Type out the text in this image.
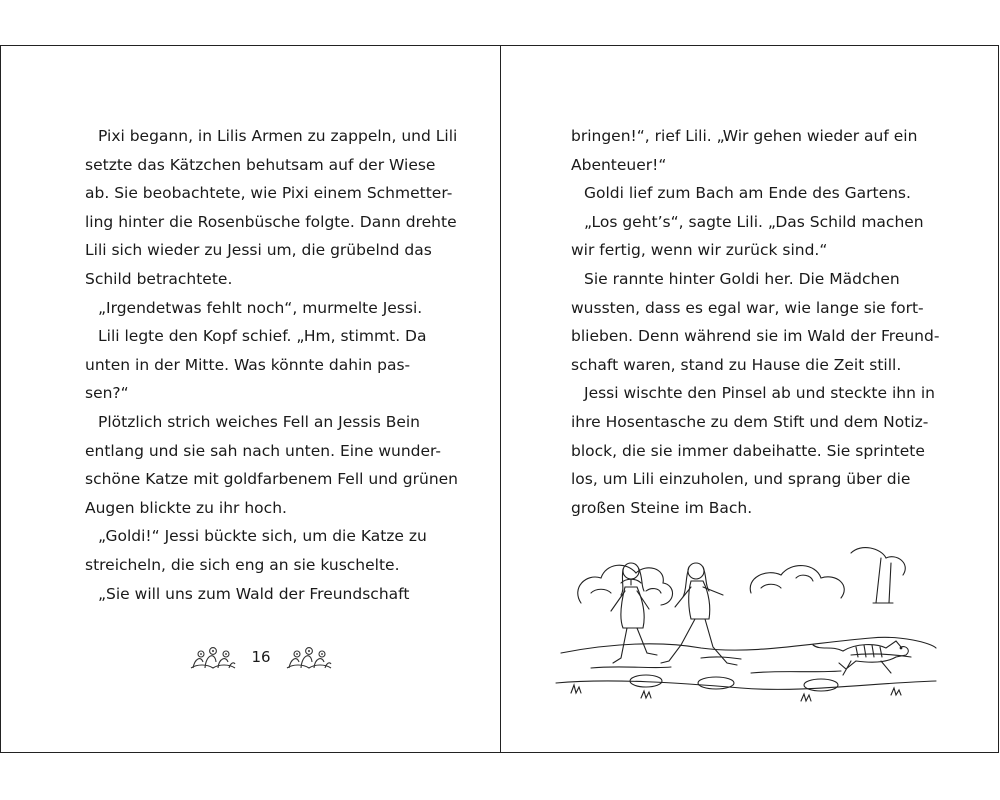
Pixi begann, in Lilis Armen zu zappeln, und Lili
setzte das Kätzchen behutsam auf der Wiese
ab. Sie beobachtete, wie Pixi einem Schmetter-
ling hinter die Rosenbüsche folgte. Dann drehte
Lili sich wieder zu Jessi um, die grübelnd das
Schild betrachtete.
„Irgendetwas fehlt noch“, murmelte Jessi.
Lili legte den Kopf schief. „Hm, stimmt. Da
unten in der Mitte. Was könnte dahin pas-
sen?“
Plötzlich strich weiches Fell an Jessis Bein
entlang und sie sah nach unten. Eine wunder-
schöne Katze mit goldfarbenem Fell und grünen
Augen blickte zu ihr hoch.
„Goldi!“ Jessi bückte sich, um die Katze zu
streicheln, die sich eng an sie kuschelte.
„Sie will uns zum Wald der Freundschaft
16
bringen!“, rief Lili. „Wir gehen wieder auf ein
Abenteuer!“
Goldi lief zum Bach am Ende des Gartens.
„Los geht’s“, sagte Lili. „Das Schild machen
wir fertig, wenn wir zurück sind.“
Sie rannte hinter Goldi her. Die Mädchen
wussten, dass es egal war, wie lange sie fort-
blieben. Denn während sie im Wald der Freund-
schaft waren, stand zu Hause die Zeit still.
Jessi wischte den Pinsel ab und steckte ihn in
ihre Hosentasche zu dem Stift und dem Notiz-
block, die sie immer dabeihatte. Sie sprintete
los, um Lili einzuholen, und sprang über die
großen Steine im Bach.
